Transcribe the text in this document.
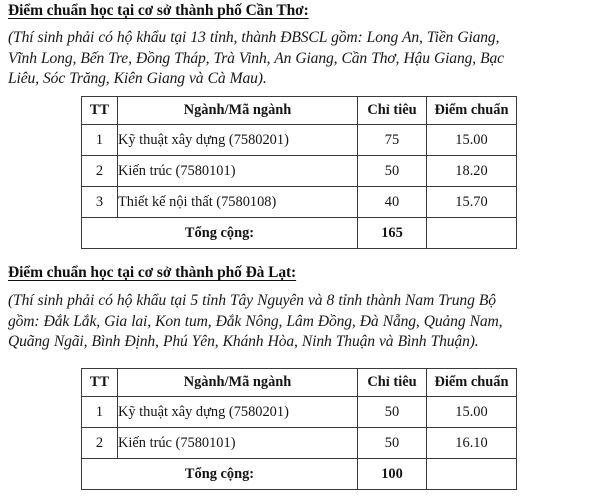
Điểm chuẩn học tại cơ sở thành phố Cần Thơ:
(Thí sinh phải có hộ khẩu tại 13 tỉnh, thành ĐBSCL gồm: Long An, Tiền Giang,
Vĩnh Long, Bến Tre, Đồng Tháp, Trà Vinh, An Giang, Cần Thơ, Hậu Giang, Bạc
Liêu, Sóc Trăng, Kiên Giang và Cà Mau).
TT	Ngành/Mã ngành	Chỉ tiêu	Điểm chuẩn
1	Kỹ thuật xây dựng (7580201)	75	15.00
2	Kiến trúc (7580101)	50	18.20
3	Thiết kế nội thất (7580108)	40	15.70
Tổng cộng:		165	
Điểm chuẩn học tại cơ sở thành phố Đà Lạt:
(Thí sinh phải có hộ khẩu tại 5 tỉnh Tây Nguyên và 8 tỉnh thành Nam Trung Bộ
gồm: Đắk Lắk, Gia lai, Kon tum, Đắk Nông, Lâm Đồng, Đà Nẵng, Quảng Nam,
Quãng Ngãi, Bình Định, Phú Yên, Khánh Hòa, Ninh Thuận và Bình Thuận).
TT	Ngành/Mã ngành	Chỉ tiêu	Điểm chuẩn
1	Kỹ thuật xây dựng (7580201)	50	15.00
2	Kiến trúc (7580101)	50	16.10
Tổng cộng:		100	
